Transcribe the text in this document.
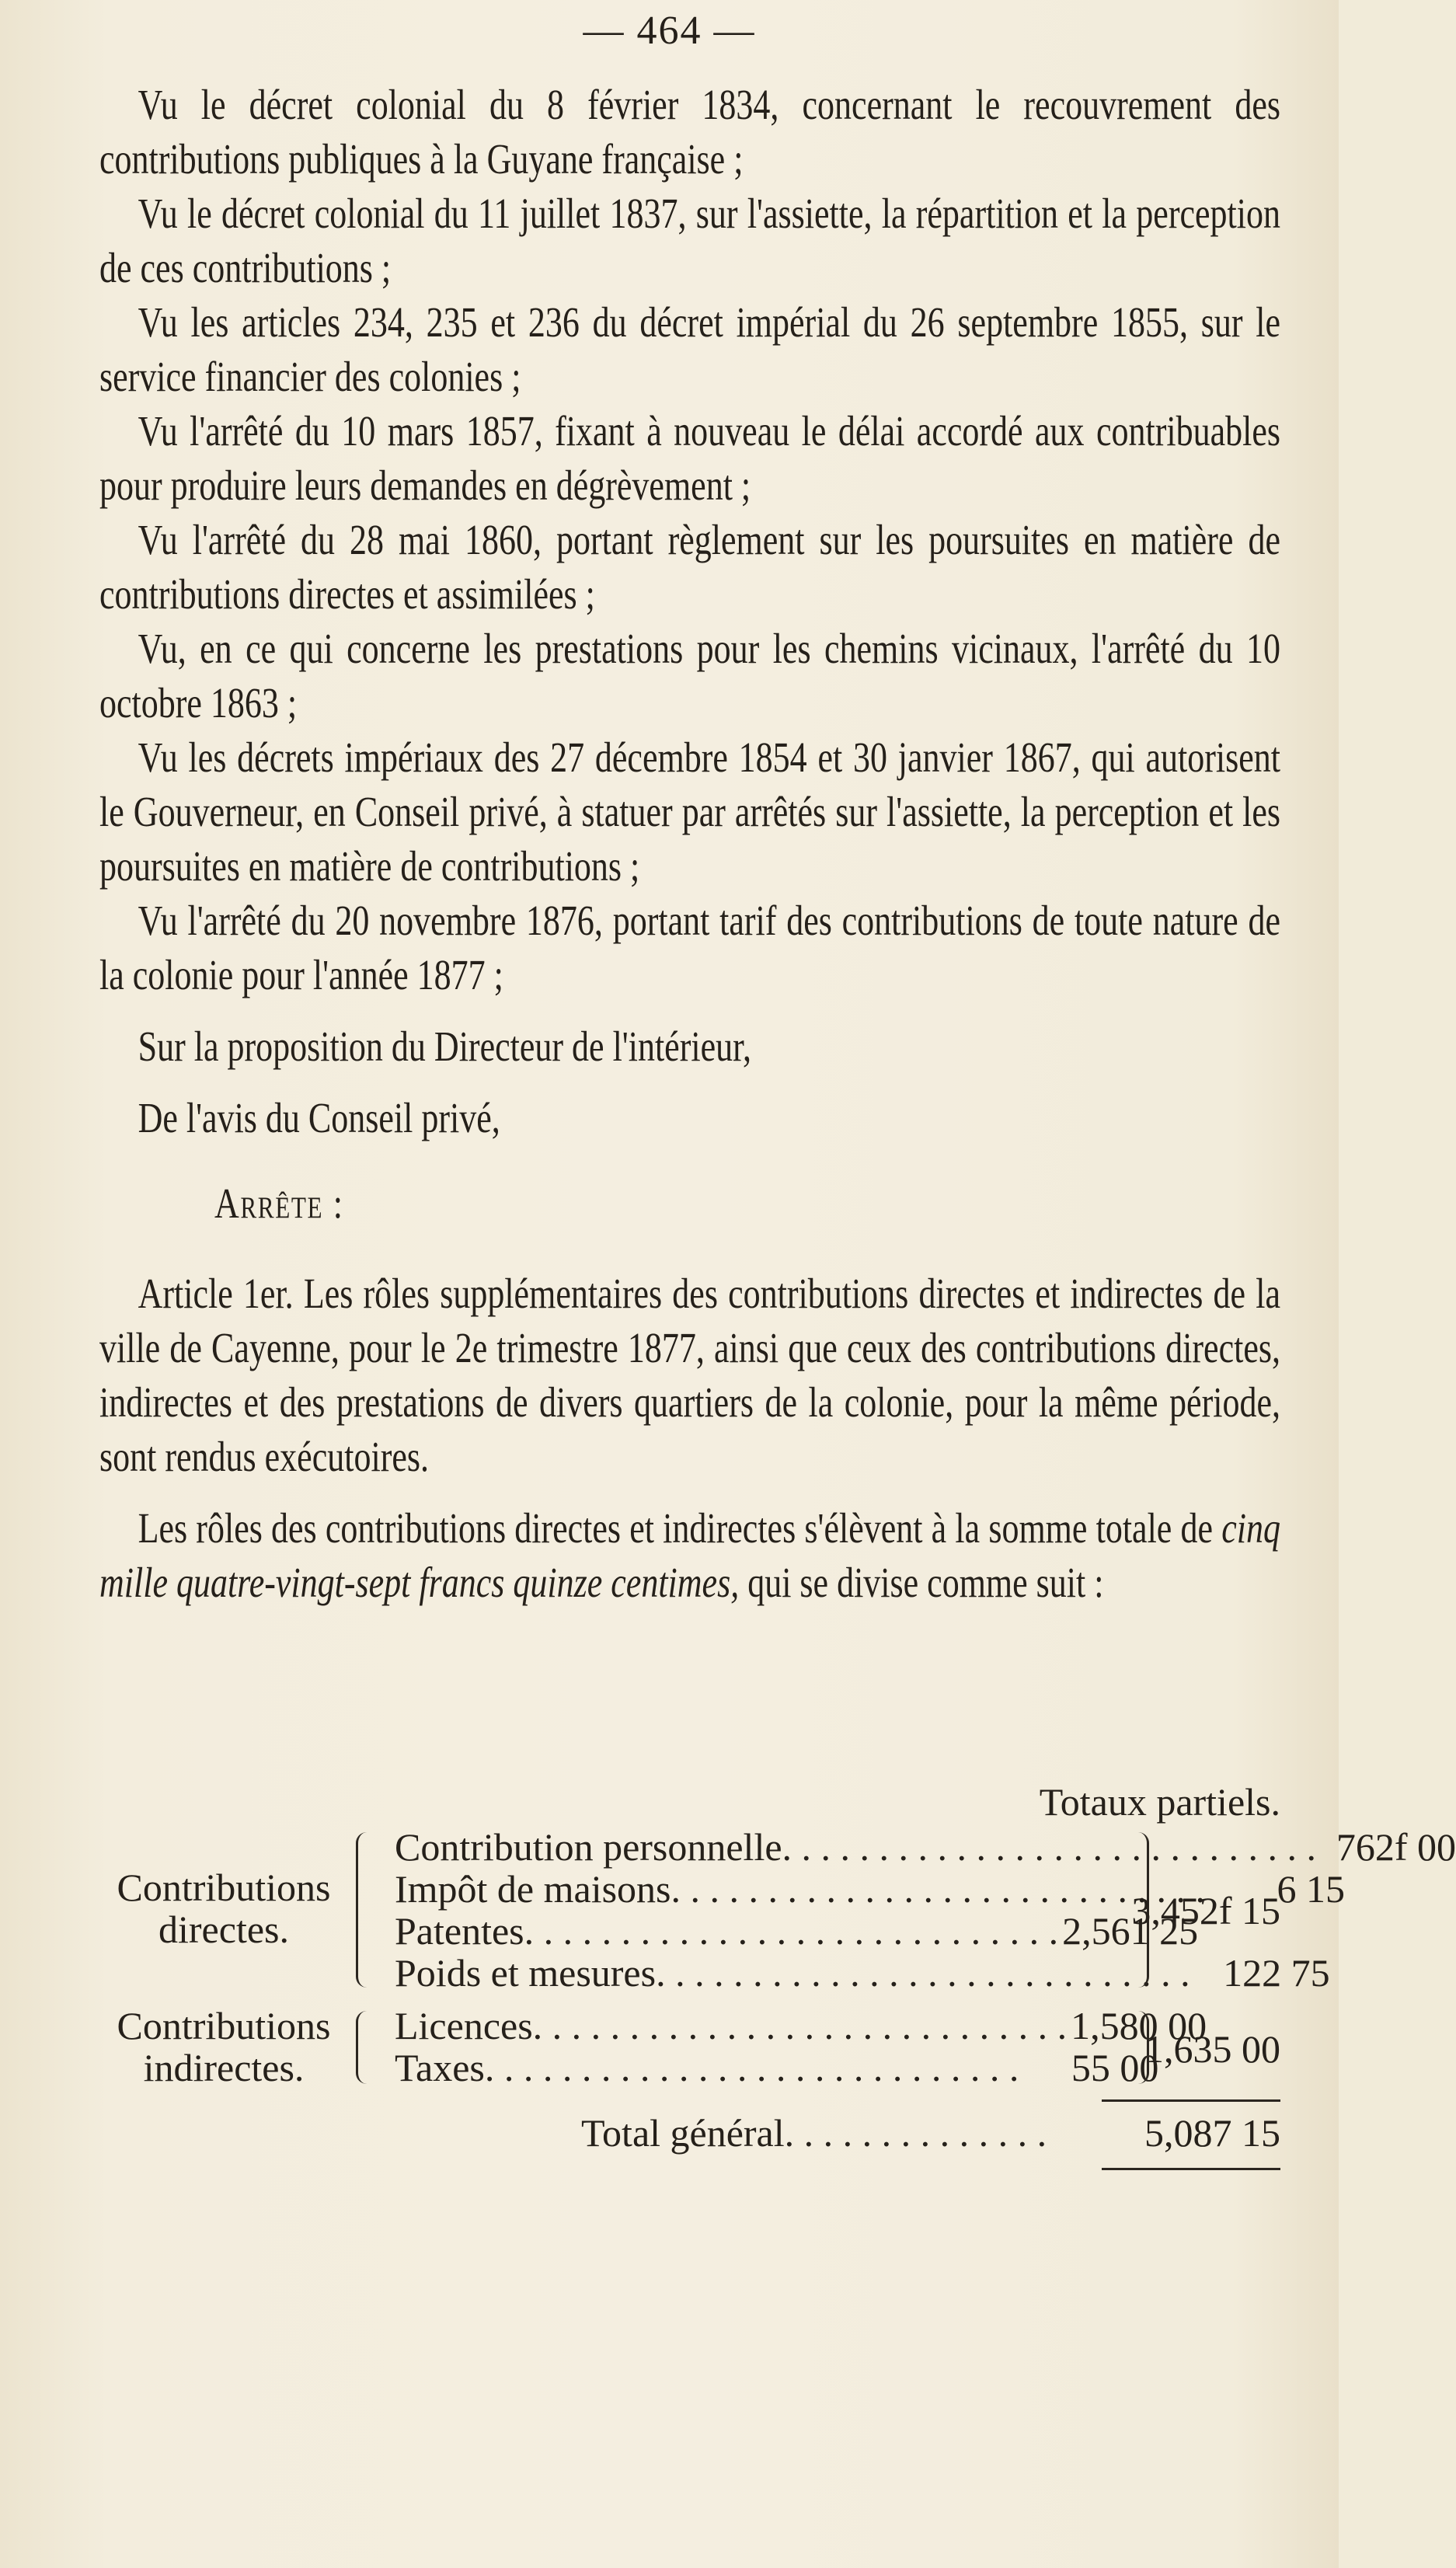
— 464 —

Vu le décret colonial du 8 février 1834, concernant le recouvrement des contributions publiques à la Guyane française ;

Vu le décret colonial du 11 juillet 1837, sur l'assiette, la répartition et la perception de ces contributions ;

Vu les articles 234, 235 et 236 du décret impérial du 26 septembre 1855, sur le service financier des colonies ;

Vu l'arrêté du 10 mars 1857, fixant à nouveau le délai accordé aux contribuables pour produire leurs demandes en dégrèvement ;

Vu l'arrêté du 28 mai 1860, portant règlement sur les poursuites en matière de contributions directes et assimilées ;

Vu, en ce qui concerne les prestations pour les chemins vicinaux, l'arrêté du 10 octobre 1863 ;

Vu les décrets impériaux des 27 décembre 1854 et 30 janvier 1867, qui autorisent le Gouverneur, en Conseil privé, à statuer par arrêtés sur l'assiette, la perception et les poursuites en matière de contributions ;

Vu l'arrêté du 20 novembre 1876, portant tarif des contributions de toute nature de la colonie pour l'année 1877 ;

Sur la proposition du Directeur de l'intérieur,

De l'avis du Conseil privé,

Arrête :

Article 1er. Les rôles supplémentaires des contributions directes et indirectes de la ville de Cayenne, pour le 2e trimestre 1877, ainsi que ceux des contributions directes, indirectes et des prestations de divers quartiers de la colonie, pour la même période, sont rendus exécutoires.

Les rôles des contributions directes et indirectes s'élèvent à la somme totale de cinq mille quatre-vingt-sept francs quinze centimes, qui se divise comme suit :

Totaux partiels.
Contributions
directes.
Contribution personnelle . . . . . . . . . . . . . . . . . . . . . . . . . . . . 762f 00
Impôt de maisons . . . . . . . . . . . . . . . . . . . . . . . . . . . .	6 15
Patentes . . . . . . . . . . . . . . . . . . . . . . . . . . . . 2,561 25
Poids et mesures . . . . . . . . . . . . . . . . . . . . . . . . . . . . 122 75
3,452f 15
Contributions
indirectes.
Licences . . . . . . . . . . . . . . . . . . . . . . . . . . . . 1,580 00
Taxes . . . . . . . . . . . . . . . . . . . . . . . . . . . .	55 00
1,635 00
Total général . . . . . . . . . . . . . .	5,087 15
